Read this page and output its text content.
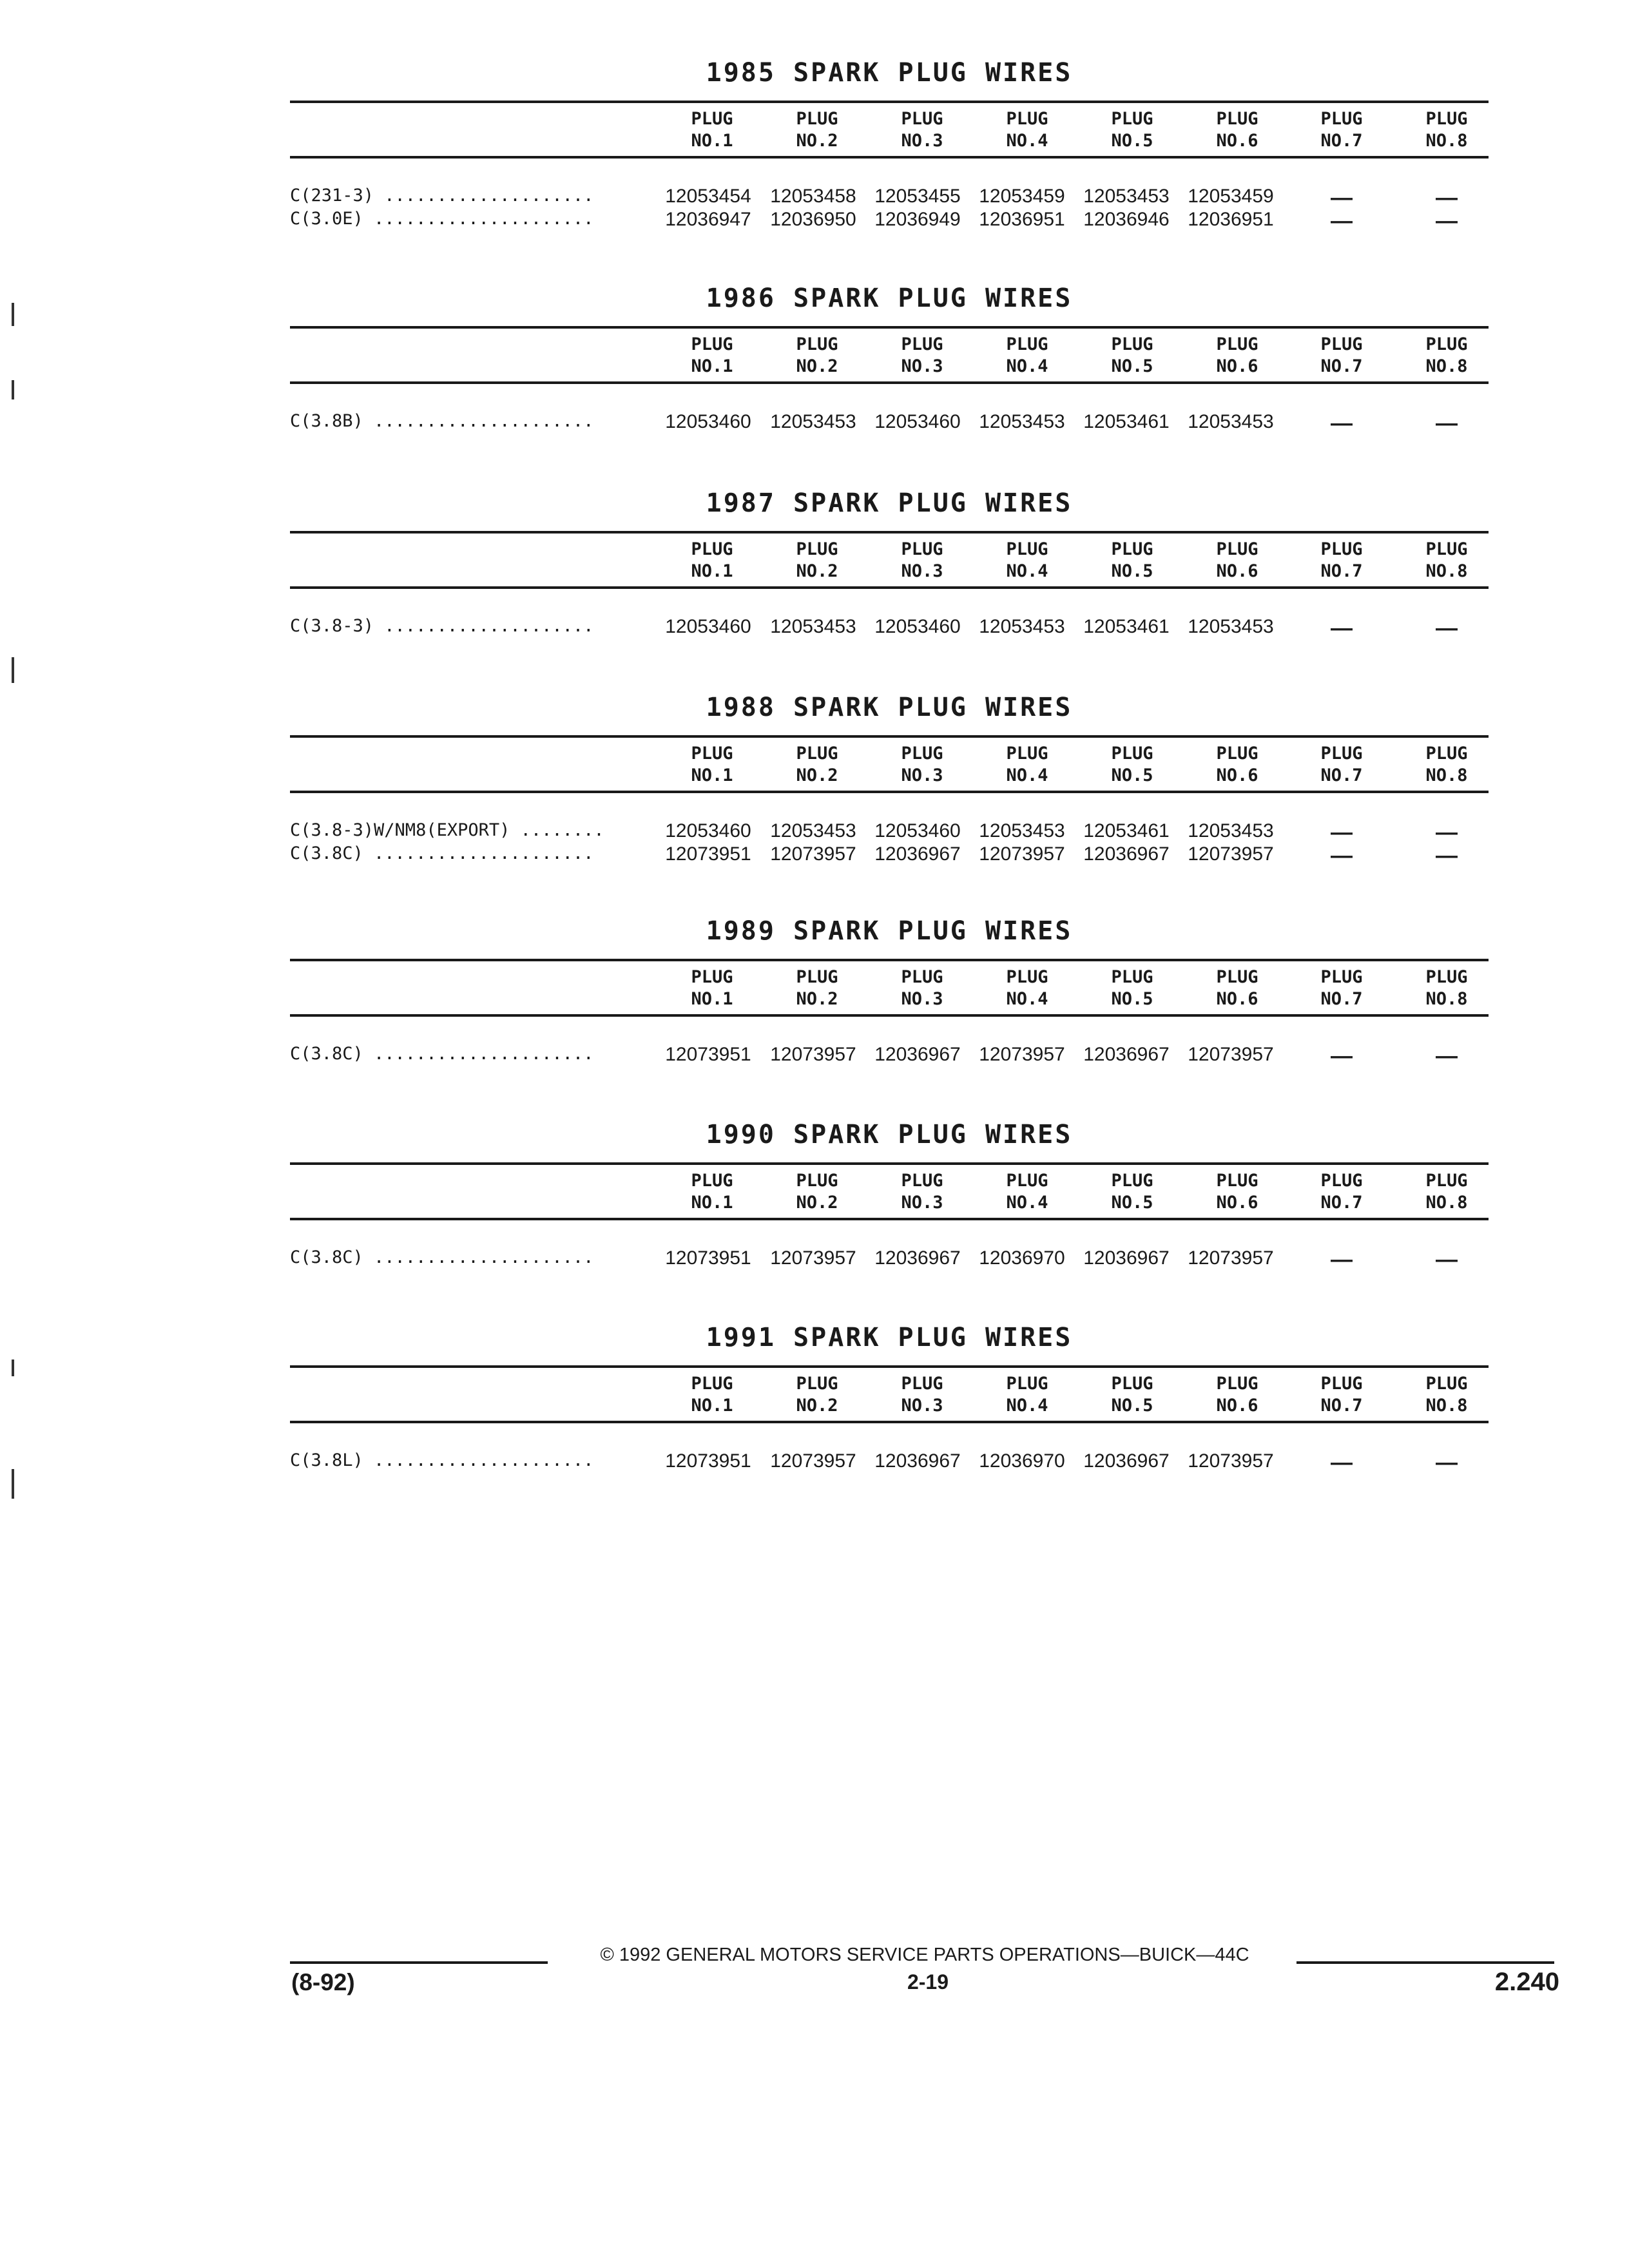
1985 SPARK PLUG WIRES
PLUG
NO.1
PLUG
NO.2
PLUG
NO.3
PLUG
NO.4
PLUG
NO.5
PLUG
NO.6
PLUG
NO.7
PLUG
NO.8
C(231-3) ....................	12053454 12053458 12053455 12053459 12053453 12053459	—	—
C(3.0E) .....................	12036947 12036950 12036949 12036951 12036946 12036951	—	—
1986 SPARK PLUG WIRES
PLUG
NO.1
PLUG
NO.2
PLUG
NO.3
PLUG
NO.4
PLUG
NO.5
PLUG
NO.6
PLUG
NO.7
PLUG
NO.8
C(3.8B) .....................	12053460 12053453 12053460 12053453 12053461 12053453	—	—
1987 SPARK PLUG WIRES
PLUG
NO.1
PLUG
NO.2
PLUG
NO.3
PLUG
NO.4
PLUG
NO.5
PLUG
NO.6
PLUG
NO.7
PLUG
NO.8
C(3.8-3) ....................	12053460 12053453 12053460 12053453 12053461 12053453	—	—
1988 SPARK PLUG WIRES
PLUG
NO.1
PLUG
NO.2
PLUG
NO.3
PLUG
NO.4
PLUG
NO.5
PLUG
NO.6
PLUG
NO.7
PLUG
NO.8
C(3.8-3)W/NM8(EXPORT) ........	12053460 12053453 12053460 12053453 12053461 12053453	—	—
C(3.8C) .....................	12073951 12073957 12036967 12073957 12036967 12073957	—	—
1989 SPARK PLUG WIRES
PLUG
NO.1
PLUG
NO.2
PLUG
NO.3
PLUG
NO.4
PLUG
NO.5
PLUG
NO.6
PLUG
NO.7
PLUG
NO.8
C(3.8C) .....................	12073951 12073957 12036967 12073957 12036967 12073957	—	—
1990 SPARK PLUG WIRES
PLUG
NO.1
PLUG
NO.2
PLUG
NO.3
PLUG
NO.4
PLUG
NO.5
PLUG
NO.6
PLUG
NO.7
PLUG
NO.8
C(3.8C) .....................	12073951 12073957 12036967 12036970 12036967 12073957	—	—
1991 SPARK PLUG WIRES
PLUG
NO.1
PLUG
NO.2
PLUG
NO.3
PLUG
NO.4
PLUG
NO.5
PLUG
NO.6
PLUG
NO.7
PLUG
NO.8
C(3.8L) .....................	12073951 12073957 12036967 12036970 12036967 12073957	—	—
© 1992 GENERAL MOTORS SERVICE PARTS OPERATIONS—BUICK—44C
(8-92)	2-19	2.240
